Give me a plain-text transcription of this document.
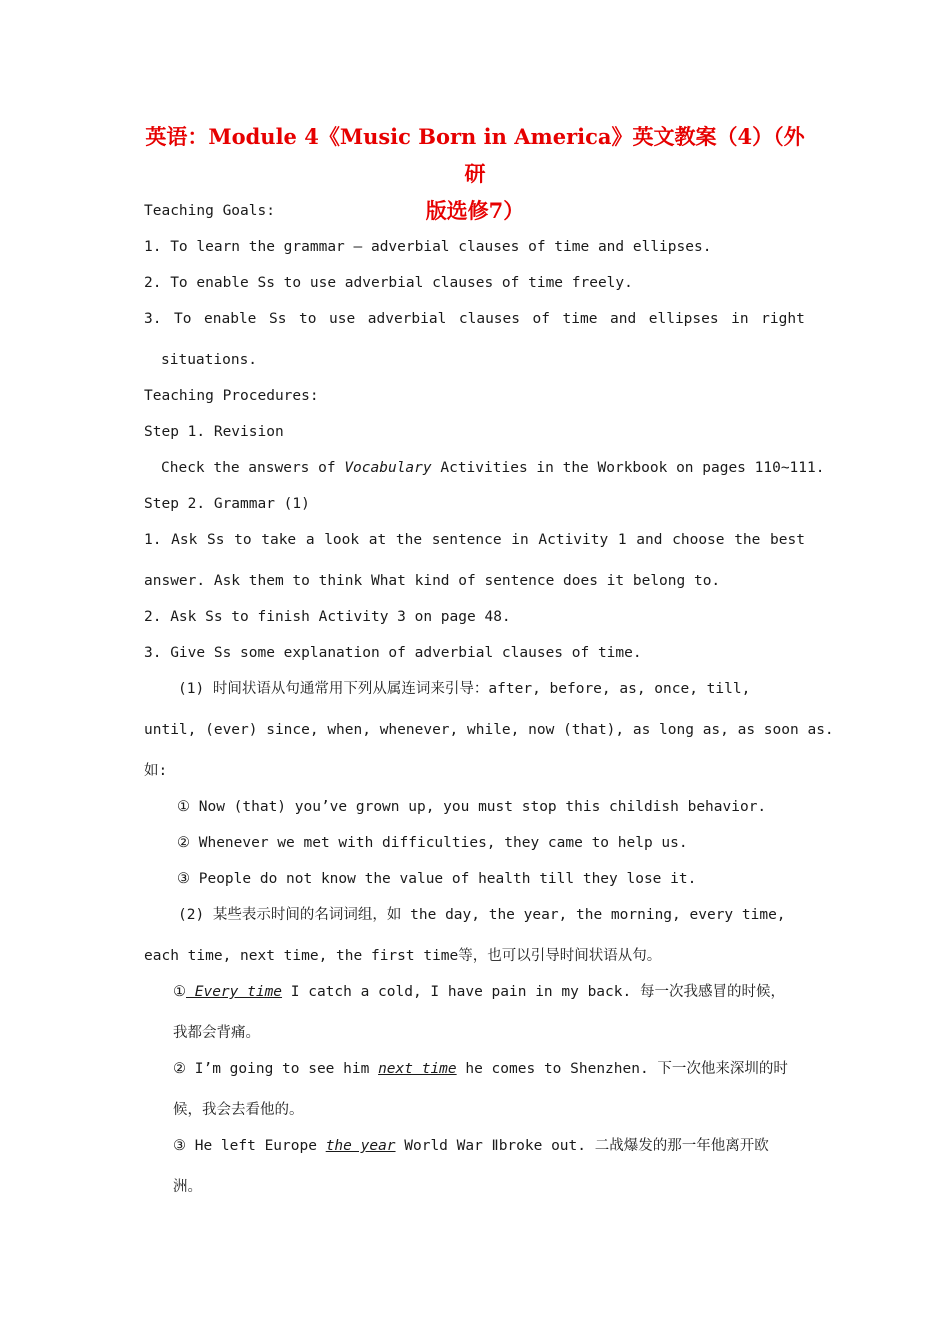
英语：Module 4《Music Born in America》英文教案（4）（外研
版选修7）
Teaching Goals:
1. To learn the grammar – adverbial clauses of time and ellipses.
2. To enable Ss to use adverbial clauses of time freely.
3. To enable Ss to use adverbial clauses of time and ellipses in right
situations.
Teaching Procedures:
Step 1. Revision
Check the answers of Vocabulary Activities in the Workbook on pages 110~111.
Step 2. Grammar (1)
1. Ask Ss to take a look at the sentence in Activity 1 and choose the best
answer. Ask them to think What kind of sentence does it belong to.
2. Ask Ss to finish Activity 3 on page 48.
3. Give Ss some explanation of adverbial clauses of time.
(1) 时间状语从句通常用下列从属连词来引导：after, before, as, once, till,
until, (ever) since, when, whenever, while, now (that), as long as, as soon as.
如:
① Now (that) you’ve grown up, you must stop this childish behavior.
② Whenever we met with difficulties, they came to help us.
③ People do not know the value of health till they lose it.
(2) 某些表示时间的名词词组，如 the day, the year, the morning, every time,
each time, next time, the first time等，也可以引导时间状语从句。
① Every time I catch a cold, I have pain in my back. 每一次我感冒的时候，
我都会背痛。
② I’m going to see him next time he comes to Shenzhen. 下一次他来深圳的时
候，我会去看他的。
③ He left Europe the year World War Ⅱbroke out. 二战爆发的那一年他离开欧
洲。
